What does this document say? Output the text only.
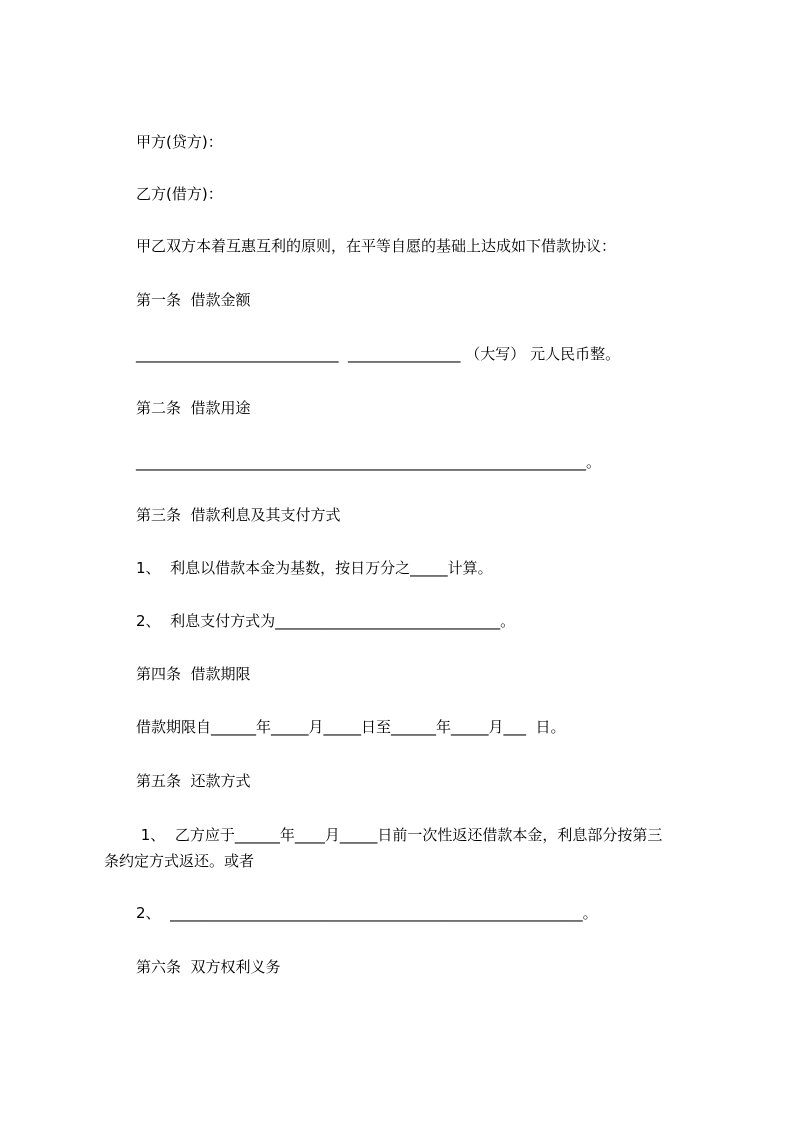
甲方(贷方)：
乙方(借方)：
甲乙双方本着互惠互利的原则，在平等自愿的基础上达成如下借款协议：
第一条  借款金额
___________________________  _______________ （大写） 元人民币整。
第二条  借款用途
____________________________________________________________。
第三条  借款利息及其支付方式
1、  利息以借款本金为基数，按日万分之_____计算。
2、  利息支付方式为______________________________。
第四条  借款期限
借款期限自______年_____月_____日至______年_____月___  日。
第五条  还款方式
1、  乙方应于______年____月_____日前一次性返还借款本金，利息部分按第三
条约定方式返还。或者
2、  _______________________________________________________。
第六条  双方权利义务
